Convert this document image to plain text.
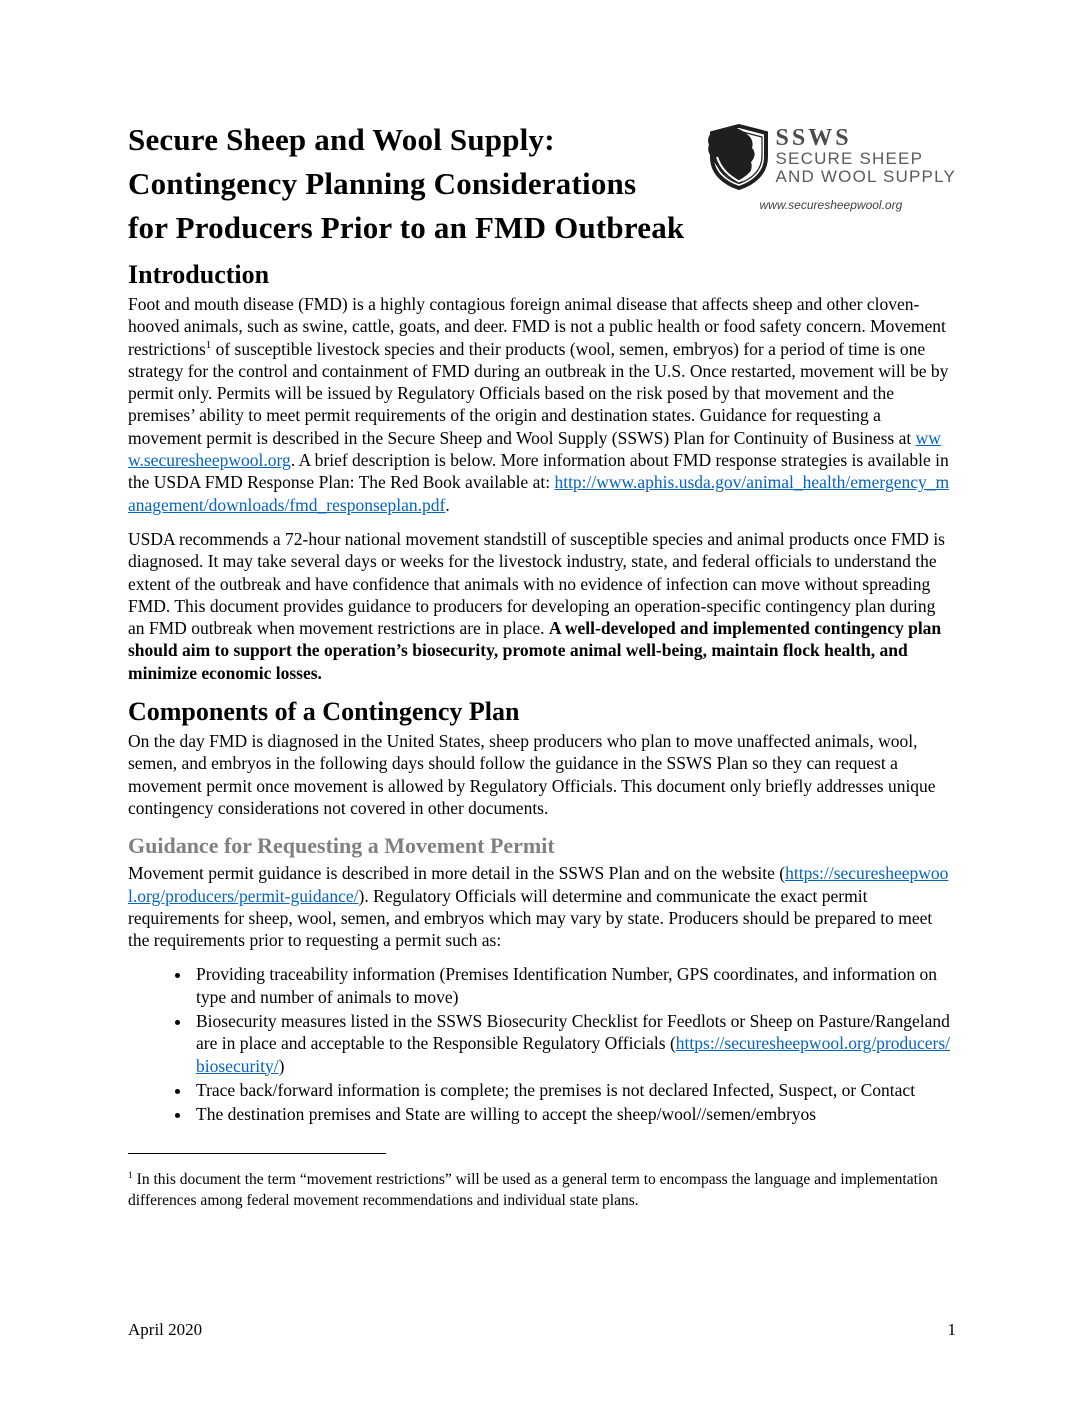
Secure Sheep and Wool Supply:
Contingency Planning Considerations
for Producers Prior to an FMD Outbreak
SSWS
SECURE SHEEP
AND WOOL SUPPLY
www.securesheepwool.org
Introduction

Foot and mouth disease (FMD) is a highly contagious foreign animal disease that affects sheep and other cloven-hooved animals, such as swine, cattle, goats, and deer. FMD is not a public health or food safety concern. Movement restrictions$^1$ of susceptible livestock species and their products (wool, semen, embryos) for a period of time is one strategy for the control and containment of FMD during an outbreak in the U.S. Once restarted, movement will be by permit only. Permits will be issued by Regulatory Officials based on the risk posed by that movement and the premises’ ability to meet permit requirements of the origin and destination states. Guidance for requesting a movement permit is described in the Secure Sheep and Wool Supply (SSWS) Plan for Continuity of Business at www.securesheepwool.org. A brief description is below. More information about FMD response strategies is available in the USDA FMD Response Plan: The Red Book available at: http://www.aphis.usda.gov/animal_health/emergency_management/downloads/fmd_responseplan.pdf.

USDA recommends a 72-hour national movement standstill of susceptible species and animal products once FMD is diagnosed. It may take several days or weeks for the livestock industry, state, and federal officials to understand the extent of the outbreak and have confidence that animals with no evidence of infection can move without spreading FMD. This document provides guidance to producers for developing an operation-specific contingency plan during an FMD outbreak when movement restrictions are in place. A well-developed and implemented contingency plan should aim to support the operation’s biosecurity, promote animal well-being, maintain flock health, and minimize economic losses.

Components of a Contingency Plan

On the day FMD is diagnosed in the United States, sheep producers who plan to move unaffected animals, wool, semen, and embryos in the following days should follow the guidance in the SSWS Plan so they can request a movement permit once movement is allowed by Regulatory Officials. This document only briefly addresses unique contingency considerations not covered in other documents.

Guidance for Requesting a Movement Permit

Movement permit guidance is described in more detail in the SSWS Plan and on the website (https://securesheepwool.org/producers/permit-guidance/). Regulatory Officials will determine and communicate the exact permit requirements for sheep, wool, semen, and embryos which may vary by state. Producers should be prepared to meet the requirements prior to requesting a permit such as:

• Providing traceability information (Premises Identification Number, GPS coordinates, and information on type and number of animals to move)
• Biosecurity measures listed in the SSWS Biosecurity Checklist for Feedlots or Sheep on Pasture/Rangeland are in place and acceptable to the Responsible Regulatory Officials (https://securesheepwool.org/producers/biosecurity/)
• Trace back/forward information is complete; the premises is not declared Infected, Suspect, or Contact
• The destination premises and State are willing to accept the sheep/wool//semen/embryos

$^1$ In this document the term “movement restrictions” will be used as a general term to encompass the language and implementation differences among federal movement recommendations and individual state plans.

April 2020	1
